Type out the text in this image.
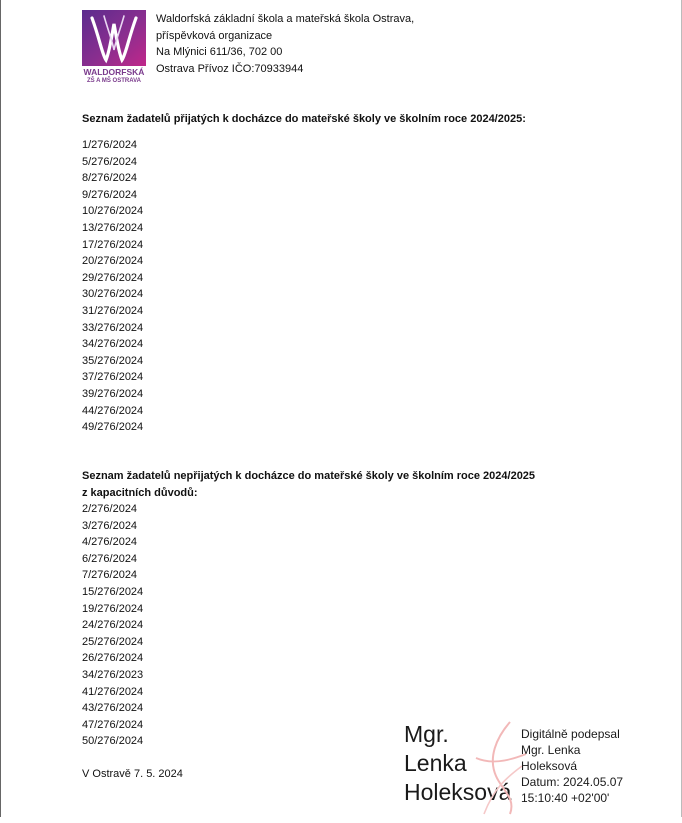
WALDORFSKÁ
ZŠ A MŠ OSTRAVA
Waldorfská základní škola a mateřská škola Ostrava,
příspěvková organizace
Na Mlýnici 611/36, 702 00
Ostrava Přívoz IČO:70933944
Seznam žadatelů přijatých k docházce do mateřské školy ve školním roce 2024/2025:
1/276/2024
5/276/2024
8/276/2024
9/276/2024
10/276/2024
13/276/2024
17/276/2024
20/276/2024
29/276/2024
30/276/2024
31/276/2024
33/276/2024
34/276/2024
35/276/2024
37/276/2024
39/276/2024
44/276/2024
49/276/2024
Seznam žadatelů nepřijatých k docházce do mateřské školy ve školním roce 2024/2025
z kapacitních důvodů:
2/276/2024
3/276/2024
4/276/2024
6/276/2024
7/276/2024
15/276/2024
19/276/2024
24/276/2024
25/276/2024
26/276/2024
34/276/2023
41/276/2024
43/276/2024
47/276/2024
50/276/2024
V Ostravě 7. 5. 2024
Mgr.
Lenka
Holeksová
Digitálně podepsal
Mgr. Lenka
Holeksová
Datum: 2024.05.07
15:10:40 +02'00'
